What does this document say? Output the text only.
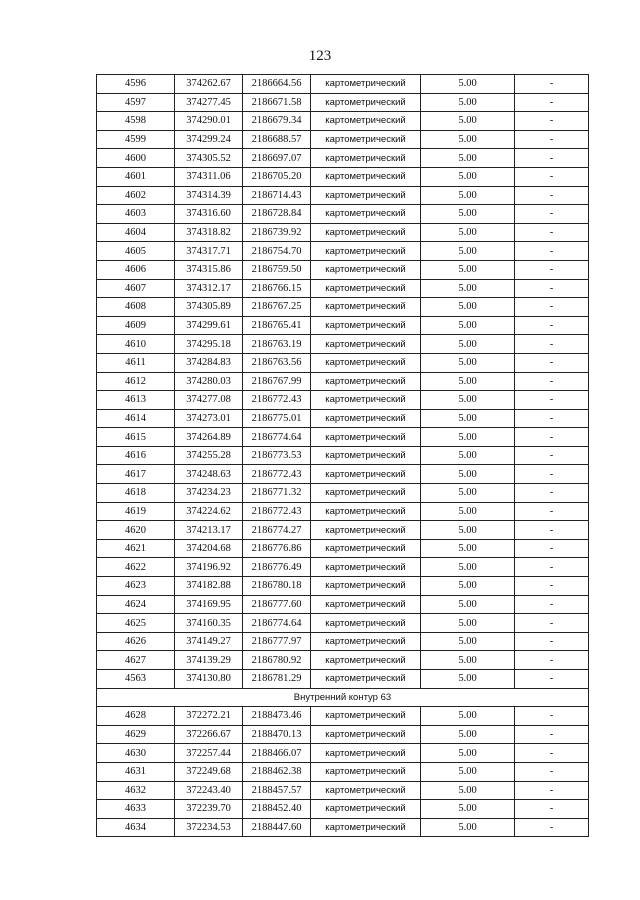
123
4596	374262.67	2186664.56	картометрический	5.00	-
4597	374277.45	2186671.58	картометрический	5.00	-
4598	374290.01	2186679.34	картометрический	5.00	-
4599	374299.24	2186688.57	картометрический	5.00	-
4600	374305.52	2186697.07	картометрический	5.00	-
4601	374311.06	2186705.20	картометрический	5.00	-
4602	374314.39	2186714.43	картометрический	5.00	-
4603	374316.60	2186728.84	картометрический	5.00	-
4604	374318.82	2186739.92	картометрический	5.00	-
4605	374317.71	2186754.70	картометрический	5.00	-
4606	374315.86	2186759.50	картометрический	5.00	-
4607	374312.17	2186766.15	картометрический	5.00	-
4608	374305.89	2186767.25	картометрический	5.00	-
4609	374299.61	2186765.41	картометрический	5.00	-
4610	374295.18	2186763.19	картометрический	5.00	-
4611	374284.83	2186763.56	картометрический	5.00	-
4612	374280.03	2186767.99	картометрический	5.00	-
4613	374277.08	2186772.43	картометрический	5.00	-
4614	374273.01	2186775.01	картометрический	5.00	-
4615	374264.89	2186774.64	картометрический	5.00	-
4616	374255.28	2186773.53	картометрический	5.00	-
4617	374248.63	2186772.43	картометрический	5.00	-
4618	374234.23	2186771.32	картометрический	5.00	-
4619	374224.62	2186772.43	картометрический	5.00	-
4620	374213.17	2186774.27	картометрический	5.00	-
4621	374204.68	2186776.86	картометрический	5.00	-
4622	374196.92	2186776.49	картометрический	5.00	-
4623	374182.88	2186780.18	картометрический	5.00	-
4624	374169.95	2186777.60	картометрический	5.00	-
4625	374160.35	2186774.64	картометрический	5.00	-
4626	374149.27	2186777.97	картометрический	5.00	-
4627	374139.29	2186780.92	картометрический	5.00	-
4563	374130.80	2186781.29	картометрический	5.00	-
Внутренний контур 63					
4628	372272.21	2188473.46	картометрический	5.00	-
4629	372266.67	2188470.13	картометрический	5.00	-
4630	372257.44	2188466.07	картометрический	5.00	-
4631	372249.68	2188462.38	картометрический	5.00	-
4632	372243.40	2188457.57	картометрический	5.00	-
4633	372239.70	2188452.40	картометрический	5.00	-
4634	372234.53	2188447.60	картометрический	5.00	-
